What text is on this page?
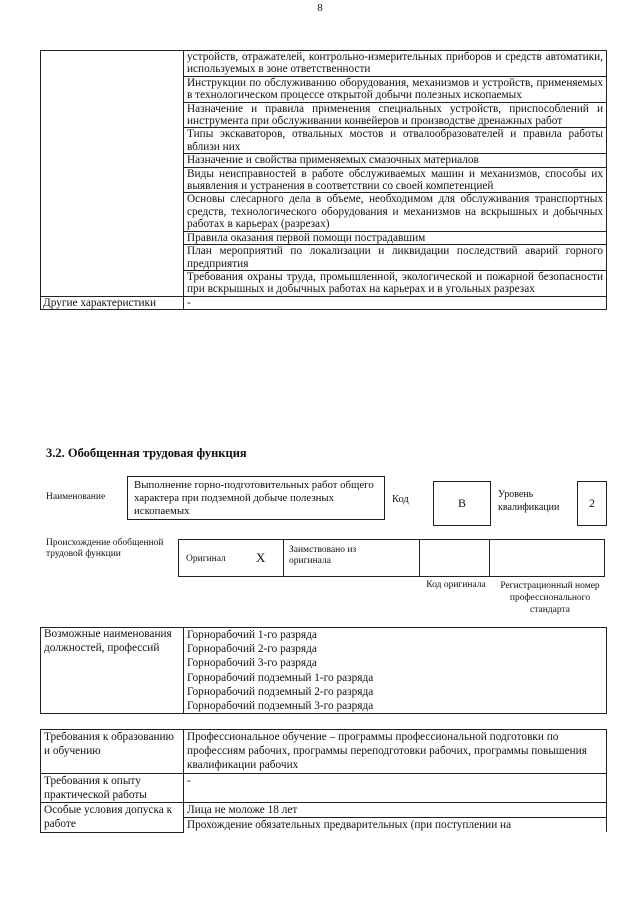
8
	устройств, отражателей, контрольно-измерительных приборов и средств автоматики, используемых в зоне ответственности
	Инструкции по обслуживанию оборудования, механизмов и устройств, применяемых в технологическом процессе открытой добычи полезных ископаемых
	Назначение и правила применения специальных устройств, приспособлений и инструмента при обслуживании конвейеров и производстве дренажных работ
	Типы экскаваторов, отвальных мостов и отвалообразователей и правила работы вблизи них
	Назначение и свойства применяемых смазочных материалов
	Виды неисправностей в работе обслуживаемых машин и механизмов, способы их выявления и устранения в соответствии со своей компетенцией
	Основы слесарного дела в объеме, необходимом для обслуживания транспортных средств, технологического оборудования и механизмов на вскрышных и добычных работах в карьерах (разрезах)
	Правила оказания первой помощи пострадавшим
	План мероприятий по локализации и ликвидации последствий аварий горного предприятия
	Требования охраны труда, промышленной, экологической и пожарной безопасности при вскрышных и добычных работах на карьерах и в угольных разрезах
Другие характеристики	-
3.2. Обобщенная трудовая функция
Наименование
Выполнение горно-подготовительных работ общего характера при подземной добыче полезных ископаемых
Код	B
Уровень квалификации	2
Происхождение обобщенной трудовой функции	Оригинал X Заимствовано из оригинала
Код оригинала	Регистрационный номер профессионального стандарта
Возможные наименования должностей, профессий	
Горнорабочий 1-го разряда
Горнорабочий 2-го разряда
Горнорабочий 3-го разряда
Горнорабочий подземный 1-го разряда
Горнорабочий подземный 2-го разряда
Горнорабочий подземный 3-го разряда
Требования к образованию и обучению	Профессиональное обучение – программы профессиональной подготовки по профессиям рабочих, программы переподготовки рабочих, программы повышения квалификации рабочих
Требования к опыту практической работы	-
Особые условия допуска к работе	Лица не моложе 18 лет
	Прохождение обязательных предварительных (при поступлении на
